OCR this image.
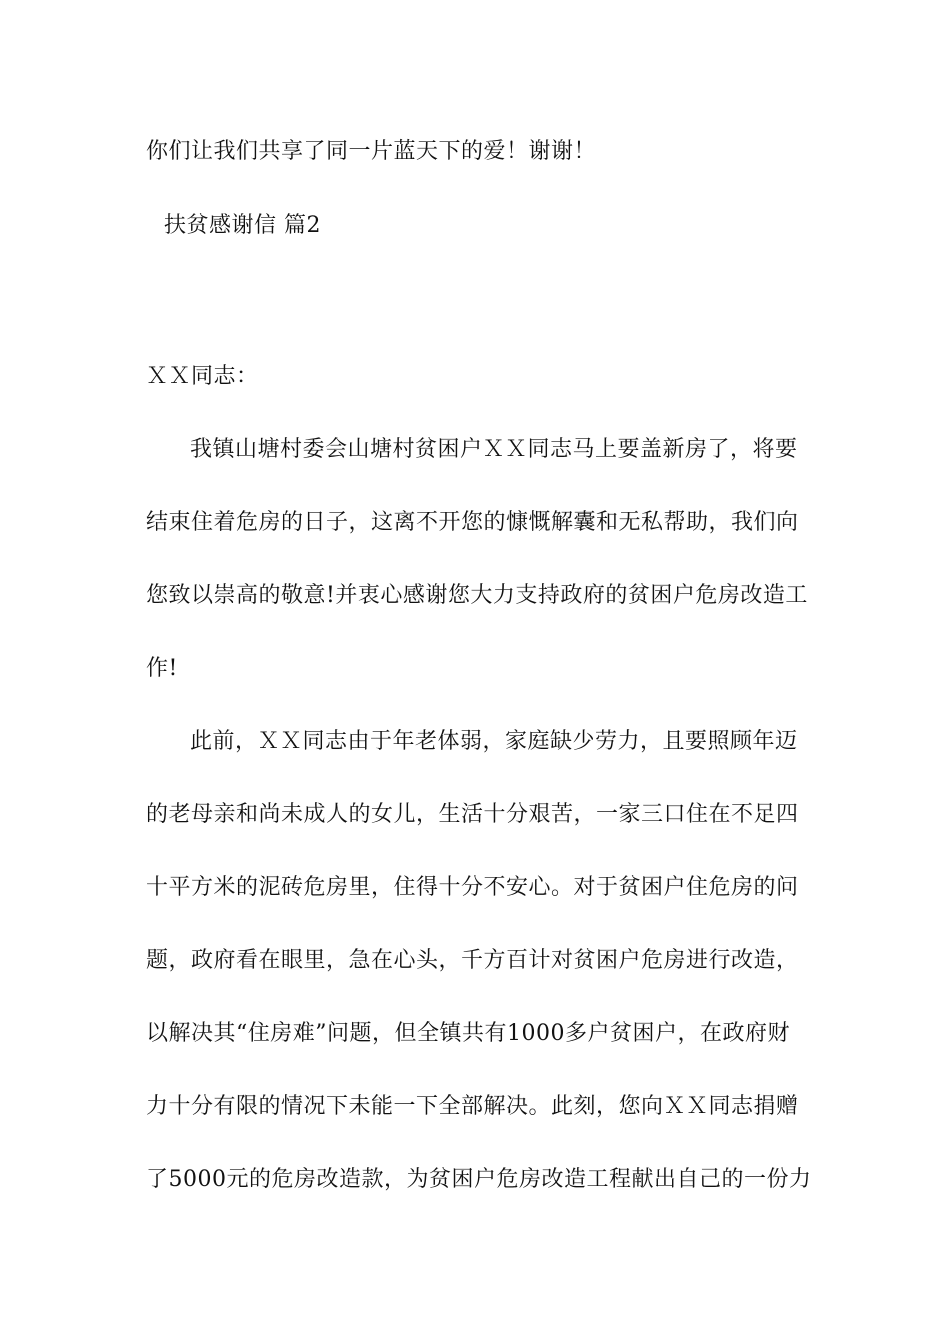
你们让我们共享了同一片蓝天下的爱！谢谢！
扶贫感谢信 篇2
ＸＸ同志：
我镇山塘村委会山塘村贫困户ＸＸ同志马上要盖新房了，将要
结束住着危房的日子，这离不开您的慷慨解囊和无私帮助，我们向
您致以崇高的敬意!并衷心感谢您大力支持政府的贫困户危房改造工
作!
此前，ＸＸ同志由于年老体弱，家庭缺少劳力，且要照顾年迈
的老母亲和尚未成人的女儿，生活十分艰苦，一家三口住在不足四
十平方米的泥砖危房里，住得十分不安心。对于贫困户住危房的问
题，政府看在眼里，急在心头，千方百计对贫困户危房进行改造，
以解决其“住房难”问题，但全镇共有1000多户贫困户，在政府财
力十分有限的情况下未能一下全部解决。此刻，您向ＸＸ同志捐赠
了5000元的危房改造款，为贫困户危房改造工程献出自己的一份力
